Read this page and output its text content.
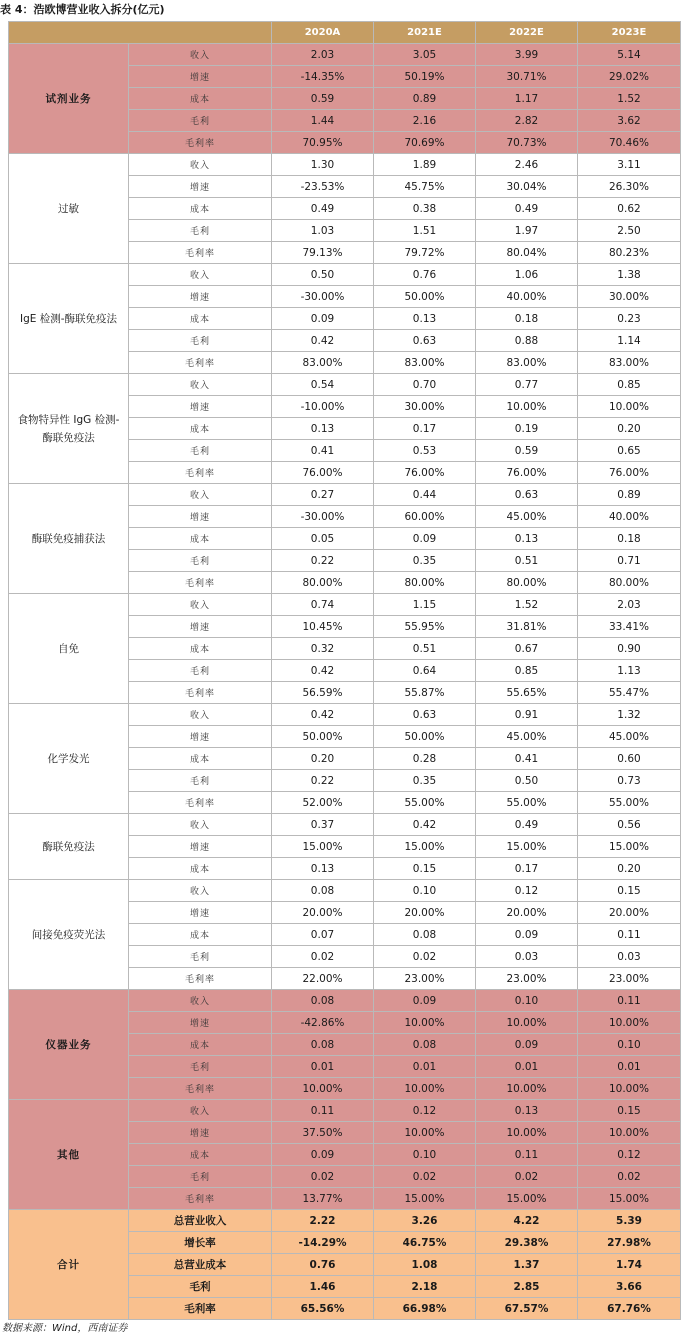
表 4：浩欧博营业收入拆分(亿元)
		2020A	2021E	2022E	2023E
试剂业务	收入	2.03	3.05	3.99	5.14
	增速	-14.35%	50.19%	30.71%	29.02%
	成本	0.59	0.89	1.17	1.52
	毛利	1.44	2.16	2.82	3.62
	毛利率	70.95%	70.69%	70.73%	70.46%
过敏	收入	1.30	1.89	2.46	3.11
	增速	-23.53%	45.75%	30.04%	26.30%
	成本	0.49	0.38	0.49	0.62
	毛利	1.03	1.51	1.97	2.50
	毛利率	79.13%	79.72%	80.04%	80.23%
IgE 检测-酶联免疫法	收入	0.50	0.76	1.06	1.38
	增速	-30.00%	50.00%	40.00%	30.00%
	成本	0.09	0.13	0.18	0.23
	毛利	0.42	0.63	0.88	1.14
	毛利率	83.00%	83.00%	83.00%	83.00%
食物特异性 IgG 检测-酶联免疫法	收入	0.54	0.70	0.77	0.85
	增速	-10.00%	30.00%	10.00%	10.00%
	成本	0.13	0.17	0.19	0.20
	毛利	0.41	0.53	0.59	0.65
	毛利率	76.00%	76.00%	76.00%	76.00%
酶联免疫捕获法	收入	0.27	0.44	0.63	0.89
	增速	-30.00%	60.00%	45.00%	40.00%
	成本	0.05	0.09	0.13	0.18
	毛利	0.22	0.35	0.51	0.71
	毛利率	80.00%	80.00%	80.00%	80.00%
自免	收入	0.74	1.15	1.52	2.03
	增速	10.45%	55.95%	31.81%	33.41%
	成本	0.32	0.51	0.67	0.90
	毛利	0.42	0.64	0.85	1.13
	毛利率	56.59%	55.87%	55.65%	55.47%
化学发光	收入	0.42	0.63	0.91	1.32
	增速	50.00%	50.00%	45.00%	45.00%
	成本	0.20	0.28	0.41	0.60
	毛利	0.22	0.35	0.50	0.73
	毛利率	52.00%	55.00%	55.00%	55.00%
酶联免疫法	收入	0.37	0.42	0.49	0.56
	增速	15.00%	15.00%	15.00%	15.00%
	成本	0.13	0.15	0.17	0.20
间接免疫荧光法	收入	0.08	0.10	0.12	0.15
	增速	20.00%	20.00%	20.00%	20.00%
	成本	0.07	0.08	0.09	0.11
	毛利	0.02	0.02	0.03	0.03
	毛利率	22.00%	23.00%	23.00%	23.00%
仪器业务	收入	0.08	0.09	0.10	0.11
	增速	-42.86%	10.00%	10.00%	10.00%
	成本	0.08	0.08	0.09	0.10
	毛利	0.01	0.01	0.01	0.01
	毛利率	10.00%	10.00%	10.00%	10.00%
其他	收入	0.11	0.12	0.13	0.15
	增速	37.50%	10.00%	10.00%	10.00%
	成本	0.09	0.10	0.11	0.12
	毛利	0.02	0.02	0.02	0.02
	毛利率	13.77%	15.00%	15.00%	15.00%
合计	总营业收入	2.22	3.26	4.22	5.39
	增长率	-14.29%	46.75%	29.38%	27.98%
	总营业成本	0.76	1.08	1.37	1.74
	毛利	1.46	2.18	2.85	3.66
	毛利率	65.56%	66.98%	67.57%	67.76%
数据来源：Wind，西南证券
